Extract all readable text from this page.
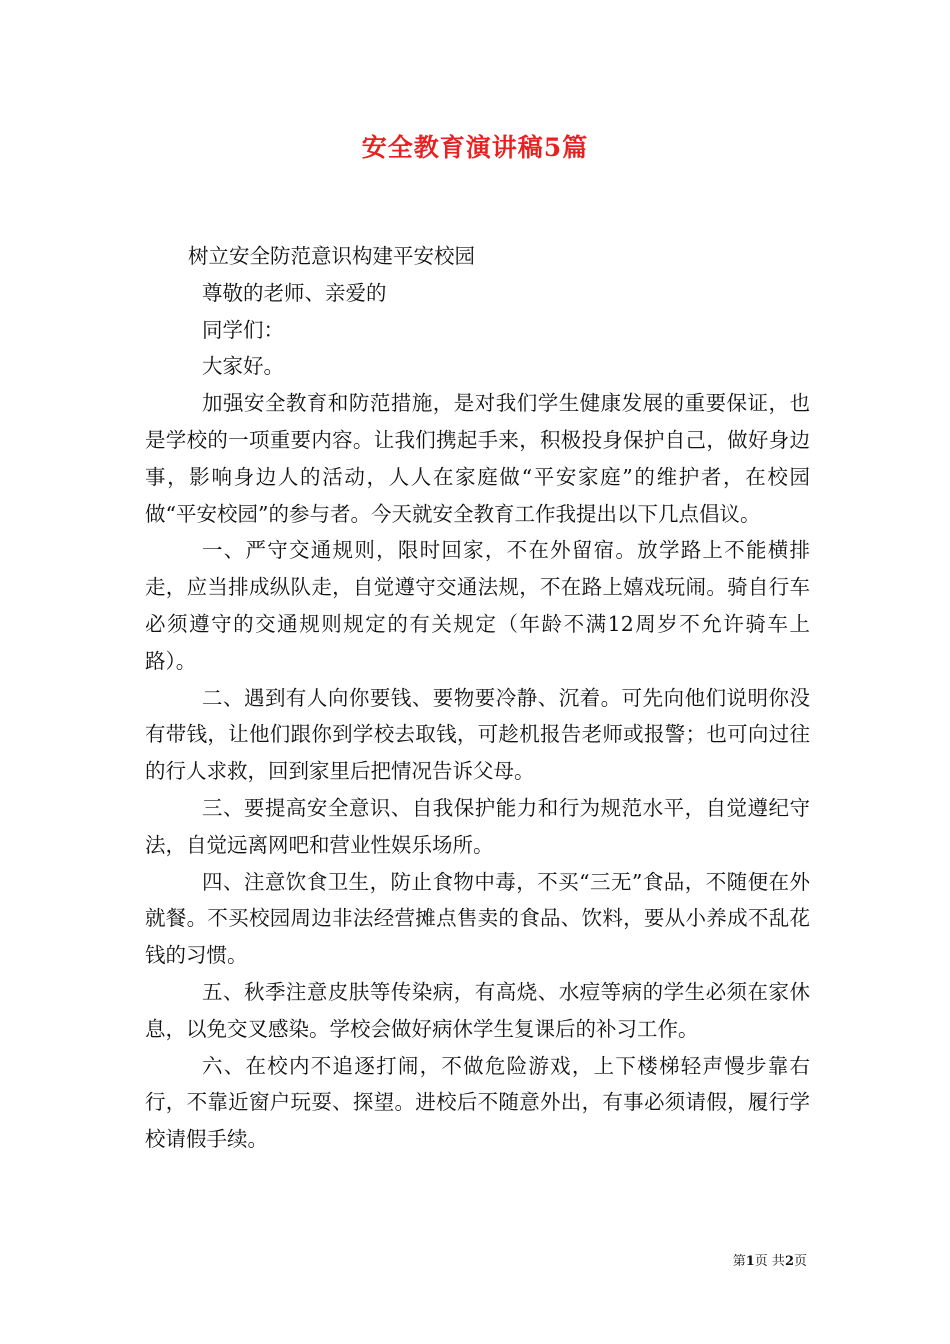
安全教育演讲稿5篇

树立安全防范意识构建平安校园

尊敬的老师、亲爱的

同学们：

大家好。

加强安全教育和防范措施，是对我们学生健康发展的重要保证，也是学校的一项重要内容。让我们携起手来，积极投身保护自己，做好身边事，影响身边人的活动，人人在家庭做“平安家庭”的维护者，在校园做“平安校园”的参与者。今天就安全教育工作我提出以下几点倡议。

一、严守交通规则，限时回家，不在外留宿。放学路上不能横排走，应当排成纵队走，自觉遵守交通法规，不在路上嬉戏玩闹。骑自行车必须遵守的交通规则规定的有关规定（年龄不满12周岁不允许骑车上路）。

二、遇到有人向你要钱、要物要冷静、沉着。可先向他们说明你没有带钱，让他们跟你到学校去取钱，可趁机报告老师或报警；也可向过往的行人求救，回到家里后把情况告诉父母。

三、要提高安全意识、自我保护能力和行为规范水平，自觉遵纪守法，自觉远离网吧和营业性娱乐场所。

四、注意饮食卫生，防止食物中毒，不买“三无”食品，不随便在外就餐。不买校园周边非法经营摊点售卖的食品、饮料，要从小养成不乱花钱的习惯。

五、秋季注意皮肤等传染病，有高烧、水痘等病的学生必须在家休息，以免交叉感染。学校会做好病休学生复课后的补习工作。

六、在校内不追逐打闹，不做危险游戏，上下楼梯轻声慢步靠右行，不靠近窗户玩耍、探望。进校后不随意外出，有事必须请假，履行学校请假手续。

第1页 共2页
